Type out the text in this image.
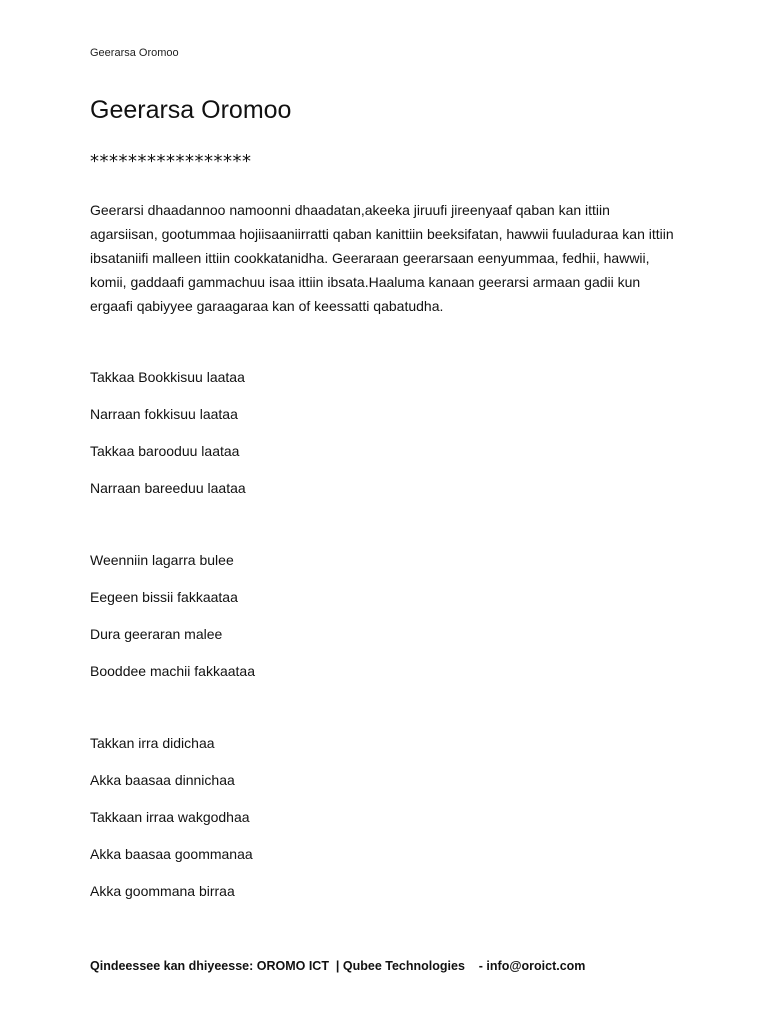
Geerarsa Oromoo
Geerarsa Oromoo
*****************

Geerarsi dhaadannoo namoonni dhaadatan,akeeka jiruufi jireenyaaf qaban kan ittiin agarsiisan, gootummaa hojiisaaniirratti qaban kanittiin beeksifatan, hawwii fuuladuraa kan ittiin ibsataniifi malleen ittiin cookkatanidha. Geeraraan geerarsaan eenyummaa, fedhii, hawwii, komii, gaddaafi gammachuu isaa ittiin ibsata.Haaluma kanaan geerarsi armaan gadii kun ergaafi qabiyyee garaagaraa kan of keessatti qabatudha.

Takkaa Bookkisuu laataa
Narraan fokkisuu laataa
Takkaa barooduu laataa
Narraan bareeduu laataa
Weenniin lagarra bulee
Eegeen bissii fakkaataa
Dura geeraran malee
Booddee machii fakkaataa
Takkan irra didichaa
Akka baasaa dinnichaa
Takkaan irraa wakgodhaa
Akka baasaa goommanaa
Akka goommana birraa
Qindeessee kan dhiyeesse: OROMO ICT  | Qubee Technologies    - info@oroict.com
